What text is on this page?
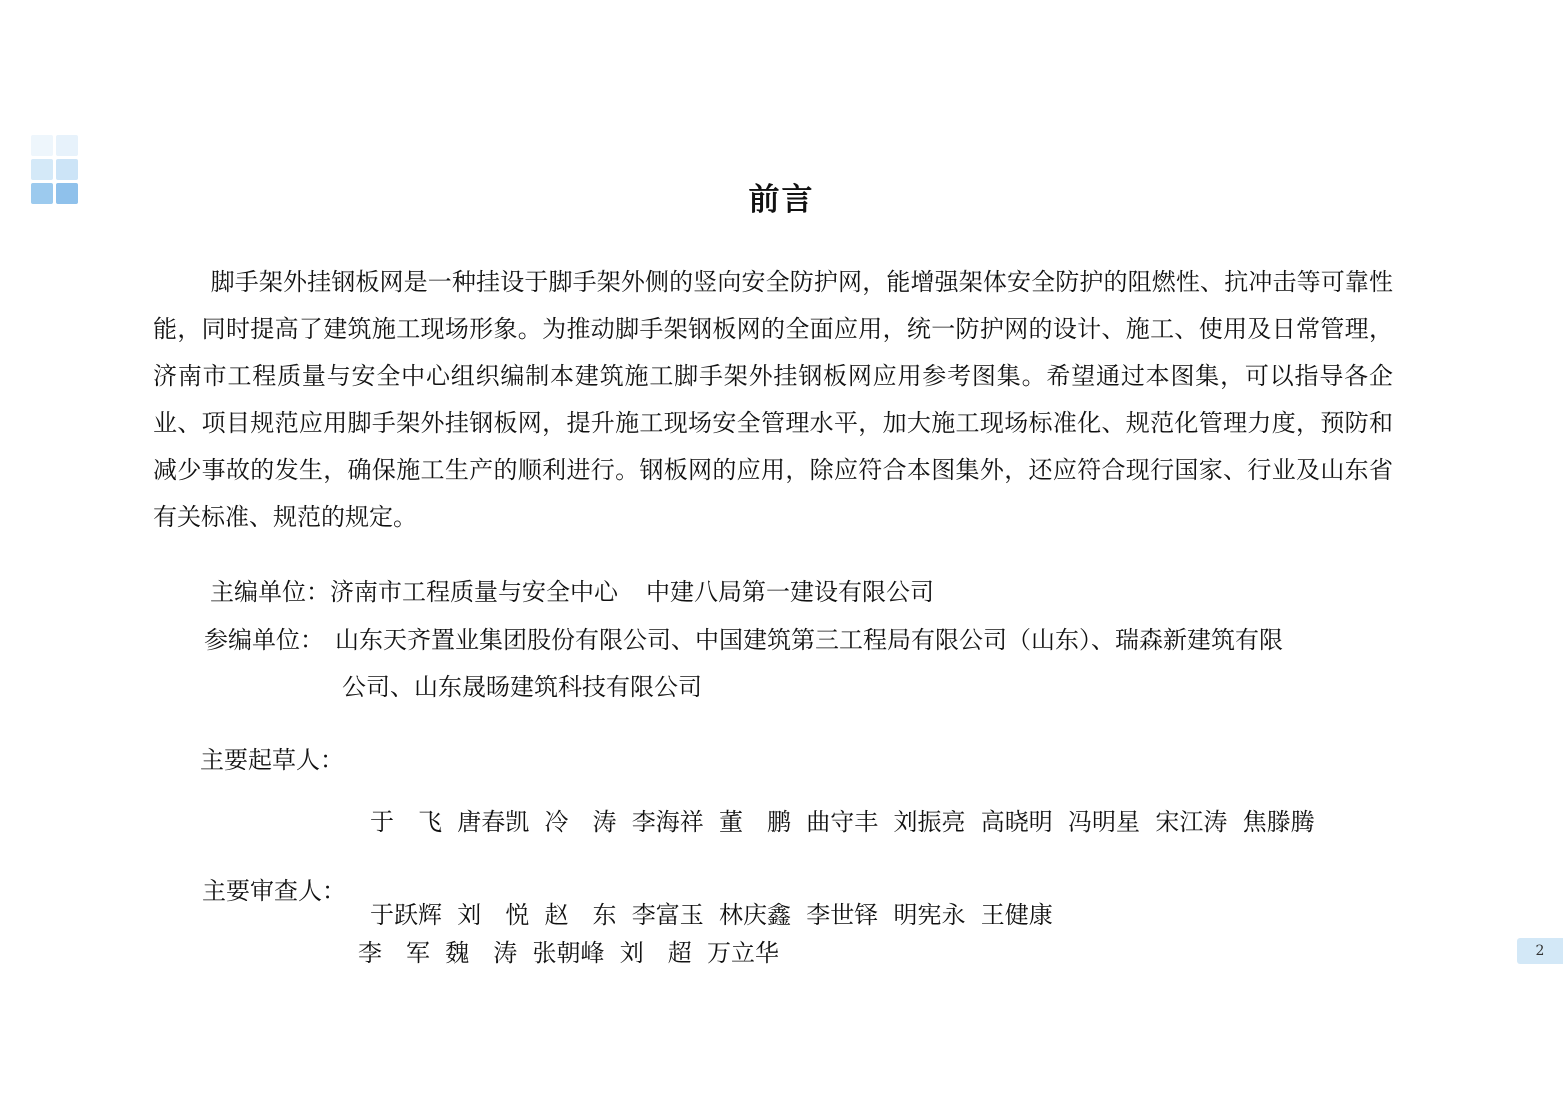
前言

脚手架外挂钢板网是一种挂设于脚手架外侧的竖向安全防护网，能增强架体安全防护的阻燃性、抗冲击等可靠性能，同时提高了建筑施工现场形象。为推动脚手架钢板网的全面应用，统一防护网的设计、施工、使用及日常管理，济南市工程质量与安全中心组织编制本建筑施工脚手架外挂钢板网应用参考图集。希望通过本图集，可以指导各企业、项目规范应用脚手架外挂钢板网，提升施工现场安全管理水平，加大施工现场标准化、规范化管理力度，预防和减少事故的发生，确保施工生产的顺利进行。钢板网的应用，除应符合本图集外，还应符合现行国家、行业及山东省有关标准、规范的规定。

主编单位：济南市工程质量与安全中心 中建八局第一建设有限公司
参编单位： 山东天齐置业集团股份有限公司、中国建筑第三工程局有限公司（山东）、瑞森新建筑有限
公司、山东晟旸建筑科技有限公司
主要起草人：

于　飞  唐春凯  冷　涛  李海祥  董　鹏  曲守丰  刘振亮  高晓明  冯明星  宋江涛  焦滕腾

于跃辉  刘　悦  赵　东  李富玉  林庆鑫  李世铎  明宪永  王健康

主要审查人：

李　军  魏　涛  张朝峰  刘　超  万立华

	2
